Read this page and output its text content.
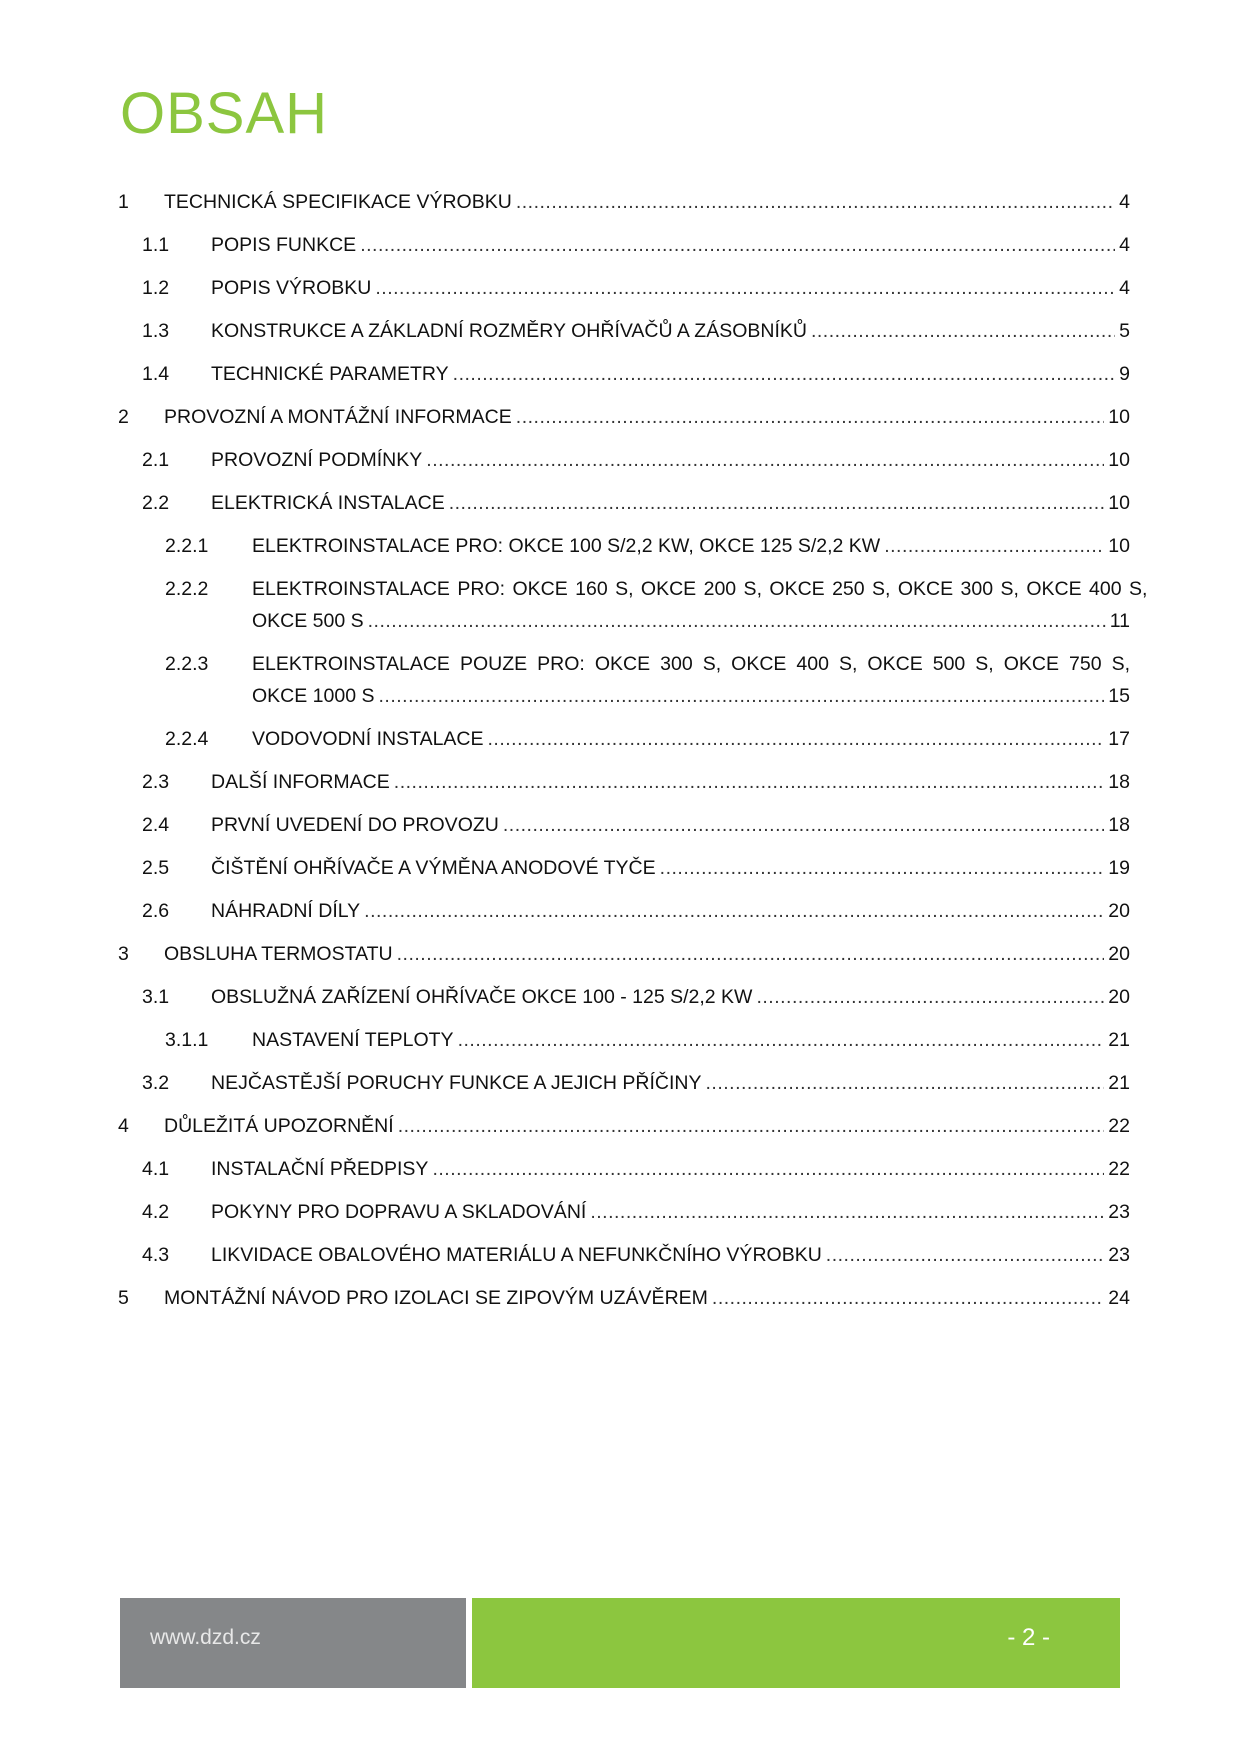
OBSAH
1	TECHNICKÁ SPECIFIKACE VÝROBKU .....	4
1.1	POPIS FUNKCE .....	4
1.2	POPIS VÝROBKU .....	4
1.3	KONSTRUKCE A ZÁKLADNÍ ROZMĚRY OHŘÍVAČŮ A ZÁSOBNÍKŮ .....	5
1.4	TECHNICKÉ PARAMETRY .....	9
2	PROVOZNÍ A MONTÁŽNÍ INFORMACE .....	10
2.1	PROVOZNÍ PODMÍNKY .....	10
2.2	ELEKTRICKÁ INSTALACE .....	10
2.2.1	ELEKTROINSTALACE PRO: OKCE 100 S/2,2 KW, OKCE 125 S/2,2 KW .....	10
2.2.2	ELEKTROINSTALACE PRO: OKCE 160 S, OKCE 200 S, OKCE 250 S, OKCE 300 S, OKCE 400 S,
OKCE 500 S .....	11
2.2.3	ELEKTROINSTALACE POUZE PRO: OKCE 300 S, OKCE 400 S, OKCE 500 S, OKCE 750 S,
OKCE 1000 S .....	15
2.2.4	VODOVODNÍ INSTALACE .....	17
2.3	DALŠÍ INFORMACE .....	18
2.4	PRVNÍ UVEDENÍ DO PROVOZU .....	18
2.5	ČIŠTĚNÍ OHŘÍVAČE A VÝMĚNA ANODOVÉ TYČE .....	19
2.6	NÁHRADNÍ DÍLY .....	20
3	OBSLUHA TERMOSTATU .....	20
3.1	OBSLUŽNÁ ZAŘÍZENÍ OHŘÍVAČE OKCE 100 - 125 S/2,2 KW .....	20
3.1.1	NASTAVENÍ TEPLOTY .....	21
3.2	NEJČASTĚJŠÍ PORUCHY FUNKCE A JEJICH PŘÍČINY .....	21
4	DŮLEŽITÁ UPOZORNĚNÍ .....	22
4.1	INSTALAČNÍ PŘEDPISY .....	22
4.2	POKYNY PRO DOPRAVU A SKLADOVÁNÍ .....	23
4.3	LIKVIDACE OBALOVÉHO MATERIÁLU A NEFUNKČNÍHO VÝROBKU .....	23
5	MONTÁŽNÍ NÁVOD PRO IZOLACI SE ZIPOVÝM UZÁVĚREM .....	24
www.dzd.cz	- 2 -
